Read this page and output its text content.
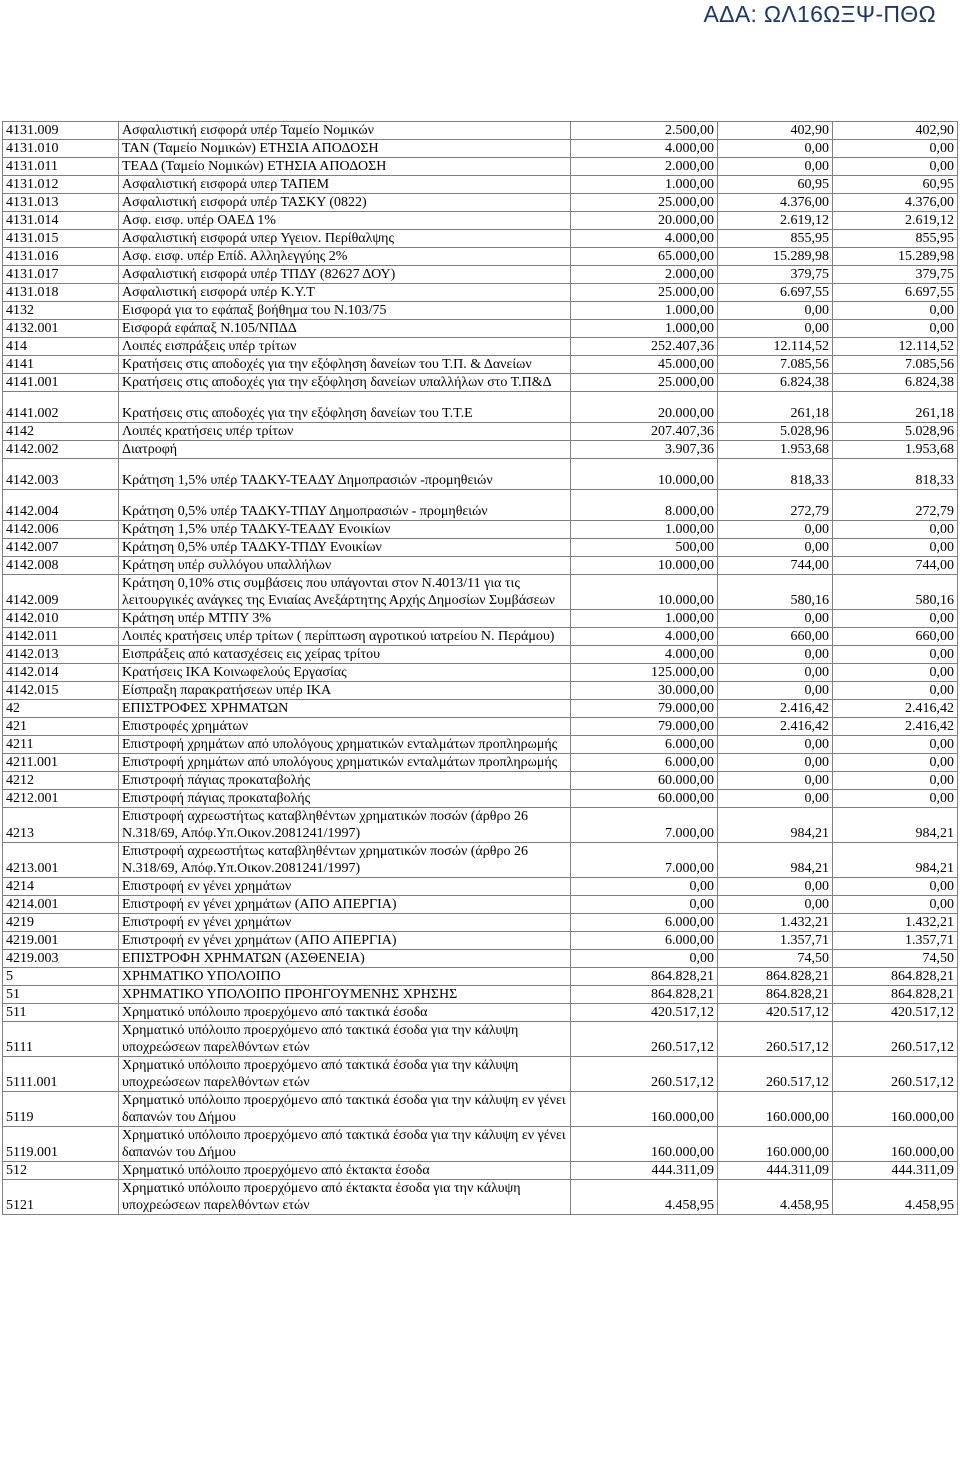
ΑΔΑ: ΩΛ16ΩΞΨ-ΠΘΩ
4131.009	Ασφαλιστική εισφορά υπέρ Ταμείο Νομικών	2.500,00	402,90	402,90
4131.010	ΤΑΝ (Ταμείο Νομικών) ΕΤΗΣΙΑ ΑΠΟΔΟΣΗ	4.000,00	0,00	0,00
4131.011	ΤΕΑΔ (Ταμείο Νομικών) ΕΤΗΣΙΑ ΑΠΟΔΟΣΗ	2.000,00	0,00	0,00
4131.012	Ασφαλιστική εισφορά υπερ ΤΑΠΕΜ	1.000,00	60,95	60,95
4131.013	Ασφαλιστική εισφορά υπέρ ΤΑΣΚΥ (0822)	25.000,00	4.376,00	4.376,00
4131.014	Ασφ. εισφ. υπέρ ΟΑΕΔ 1%	20.000,00	2.619,12	2.619,12
4131.015	Ασφαλιστική εισφορά υπερ Υγειον. Περίθαλψης	4.000,00	855,95	855,95
4131.016	Ασφ. εισφ. υπέρ Επίδ. Αλληλεγγύης 2%	65.000,00	15.289,98	15.289,98
4131.017	Ασφαλιστική εισφορά υπέρ ΤΠΔΥ (82627 ΔΟΥ)	2.000,00	379,75	379,75
4131.018	Ασφαλιστική εισφορά υπέρ Κ.Υ.Τ	25.000,00	6.697,55	6.697,55
4132	Εισφορά για το εφάπαξ βοήθημα του Ν.103/75	1.000,00	0,00	0,00
4132.001	Εισφορά εφάπαξ Ν.105/ΝΠΔΔ	1.000,00	0,00	0,00
414	Λοιπές εισπράξεις υπέρ τρίτων	252.407,36	12.114,52	12.114,52
4141	Κρατήσεις στις αποδοχές για την εξόφληση δανείων του Τ.Π. & Δανείων	45.000,00	7.085,56	7.085,56
4141.001	Κρατήσεις στις αποδοχές για την εξόφληση δανείων υπαλλήλων στο Τ.Π&Δ	25.000,00	6.824,38	6.824,38
4141.002	Κρατήσεις στις αποδοχές για την εξόφληση δανείων του Τ.Τ.Ε	20.000,00	261,18	261,18
4142	Λοιπές κρατήσεις υπέρ τρίτων	207.407,36	5.028,96	5.028,96
4142.002	Διατροφή	3.907,36	1.953,68	1.953,68
4142.003	Κράτηση 1,5% υπέρ ΤΑΔΚΥ-ΤΕΑΔΥ Δημοπρασιών -προμηθειών	10.000,00	818,33	818,33
4142.004	Κράτηση 0,5% υπέρ ΤΑΔΚΥ-ΤΠΔΥ Δημοπρασιών - προμηθειών	8.000,00	272,79	272,79
4142.006	Κράτηση 1,5% υπέρ ΤΑΔΚΥ-ΤΕΑΔΥ Ενοικίων	1.000,00	0,00	0,00
4142.007	Κράτηση 0,5% υπέρ ΤΑΔΚΥ-ΤΠΔΥ Ενοικίων	500,00	0,00	0,00
4142.008	Κράτηση υπέρ συλλόγου υπαλλήλων	10.000,00	744,00	744,00
4142.009	Κράτηση 0,10% στις συμβάσεις που υπάγονται στον Ν.4013/11 για τις λειτουργικές ανάγκες της Ενιαίας Ανεξάρτητης Αρχής Δημοσίων Συμβάσεων	10.000,00	580,16	580,16
4142.010	Κράτηση υπέρ ΜΤΠΥ 3%	1.000,00	0,00	0,00
4142.011	Λοιπές κρατήσεις υπέρ τρίτων ( περίπτωση αγροτικού ιατρείου Ν. Περάμου)	4.000,00	660,00	660,00
4142.013	Εισπράξεις από κατασχέσεις εις χείρας τρίτου	4.000,00	0,00	0,00
4142.014	Κρατήσεις ΙΚΑ Κοινωφελούς Εργασίας	125.000,00	0,00	0,00
4142.015	Είσπραξη παρακρατήσεων υπέρ ΙΚΑ	30.000,00	0,00	0,00
42	ΕΠΙΣΤΡΟΦΕΣ ΧΡΗΜΑΤΩΝ	79.000,00	2.416,42	2.416,42
421	Επιστροφές χρημάτων	79.000,00	2.416,42	2.416,42
4211	Επιστροφή χρημάτων από υπολόγους χρηματικών ενταλμάτων προπληρωμής	6.000,00	0,00	0,00
4211.001	Επιστροφή χρημάτων από υπολόγους χρηματικών ενταλμάτων προπληρωμής	6.000,00	0,00	0,00
4212	Επιστροφή πάγιας προκαταβολής	60.000,00	0,00	0,00
4212.001	Επιστροφή πάγιας προκαταβολής	60.000,00	0,00	0,00
4213	Επιστροφή αχρεωστήτως καταβληθέντων χρηματικών ποσών (άρθρο 26 Ν.318/69, Απόφ.Υπ.Οικον.2081241/1997)	7.000,00	984,21	984,21
4213.001	Επιστροφή αχρεωστήτως καταβληθέντων χρηματικών ποσών (άρθρο 26 Ν.318/69, Απόφ.Υπ.Οικον.2081241/1997)	7.000,00	984,21	984,21
4214	Επιστροφή εν γένει χρημάτων	0,00	0,00	0,00
4214.001	Επιστροφή εν γένει χρημάτων (ΑΠΟ ΑΠΕΡΓΙΑ)	0,00	0,00	0,00
4219	Επιστροφή εν γένει χρημάτων	6.000,00	1.432,21	1.432,21
4219.001	Επιστροφή εν γένει χρημάτων (ΑΠΟ ΑΠΕΡΓΙΑ)	6.000,00	1.357,71	1.357,71
4219.003	ΕΠΙΣΤΡΟΦΗ ΧΡΗΜΑΤΩΝ (ΑΣΘΕΝΕΙΑ)	0,00	74,50	74,50
5	ΧΡΗΜΑΤΙΚΟ ΥΠΟΛΟΙΠΟ	864.828,21	864.828,21	864.828,21
51	ΧΡΗΜΑΤΙΚΟ ΥΠΟΛΟΙΠΟ ΠΡΟΗΓΟΥΜΕΝΗΣ ΧΡΗΣΗΣ	864.828,21	864.828,21	864.828,21
511	Χρηματικό υπόλοιπο προερχόμενο από τακτικά έσοδα	420.517,12	420.517,12	420.517,12
5111	Χρηματικό υπόλοιπο προερχόμενο από τακτικά έσοδα για την κάλυψη υποχρεώσεων παρελθόντων ετών	260.517,12	260.517,12	260.517,12
5111.001	Χρηματικό υπόλοιπο προερχόμενο από τακτικά έσοδα για την κάλυψη υποχρεώσεων παρελθόντων ετών	260.517,12	260.517,12	260.517,12
5119	Χρηματικό υπόλοιπο προερχόμενο από τακτικά έσοδα για την κάλυψη εν γένει δαπανών του Δήμου	160.000,00	160.000,00	160.000,00
5119.001	Χρηματικό υπόλοιπο προερχόμενο από τακτικά έσοδα για την κάλυψη εν γένει δαπανών του Δήμου	160.000,00	160.000,00	160.000,00
512	Χρηματικό υπόλοιπο προερχόμενο από έκτακτα έσοδα	444.311,09	444.311,09	444.311,09
5121	Χρηματικό υπόλοιπο προερχόμενο από έκτακτα έσοδα για την κάλυψη υποχρεώσεων παρελθόντων ετών	4.458,95	4.458,95	4.458,95
